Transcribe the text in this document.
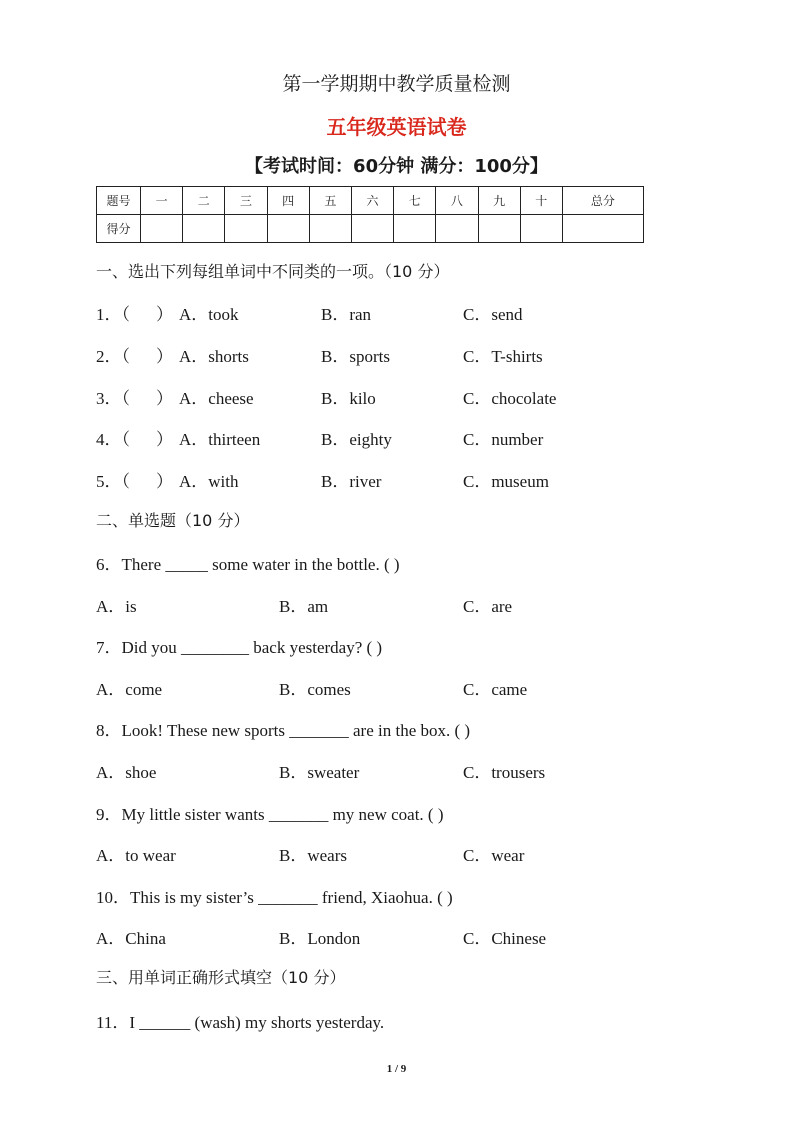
第一学期期中教学质量检测
五年级英语试卷
【考试时间：60分钟 满分：100分】
题号	一	二	三	四	五	六	七	八	九	十	总分
得分											
一、选出下列每组单词中不同类的一项。（10 分）
1．（ ） A．took	B．ran	C．send
2．（ ） A．shorts	B．sports	C．T-shirts
3．（ ） A．cheese	B．kilo	C．chocolate
4．（ ） A．thirteen	B．eighty	C．number
5．（ ） A．with	B．river	C．museum
二、单选题（10 分）
6．There _____ some water in the bottle. ( )
A．is	B．am	C．are
7．Did you ________ back yesterday? ( )
A．come	B．comes	C．came
8．Look! These new sports _______ are in the box. ( )
A．shoe	B．sweater	C．trousers
9．My little sister wants _______ my new coat. ( )
A．to wear	B．wears	C．wear
10．This is my sister’s _______ friend, Xiaohua. ( )
A．China	B．London	C．Chinese
三、用单词正确形式填空（10 分）
11．I ______ (wash) my shorts yesterday.
1 / 9
